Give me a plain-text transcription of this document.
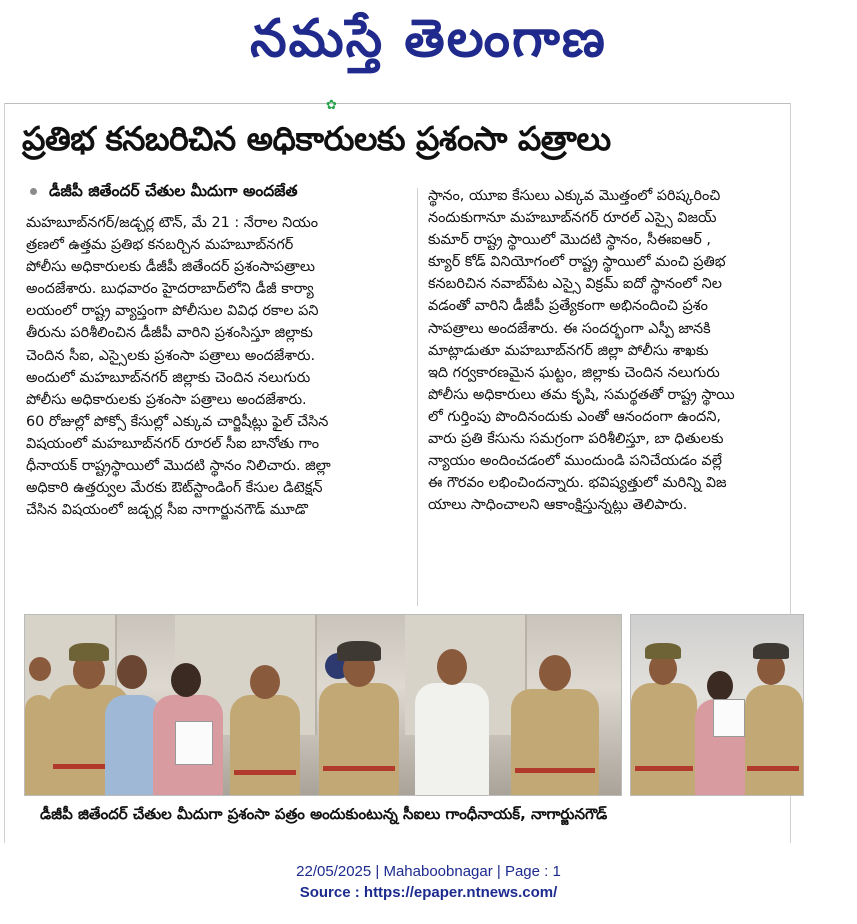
నమస్తే తెలంగాణ
✿
ప్రతిభ కనబరిచిన అధికారులకు ప్రశంసా పత్రాలు
డీజీపీ జితేందర్ చేతుల మీదుగా అందజేత
మహబూబ్‌నగర్/జడ్చర్ల టౌన్, మే 21 : నేరాల నియం
త్రణలో ఉత్తమ ప్రతిభ కనబర్చిన మహబూబ్‌నగర్
పోలీసు అధికారులకు డీజీపీ జితేందర్ ప్రశంసాపత్రాలు
అందజేశారు. బుధవారం హైదరాబాద్‌లోని డీజీ కార్యా
లయంలో రాష్ట్ర వ్యాప్తంగా పోలీసుల వివిధ రకాల పని
తీరును పరిశీలించిన డీజీపీ వారిని ప్రశంసిస్తూ జిల్లాకు
చెందిన సీఐ, ఎస్సైలకు ప్రశంసా పత్రాలు అందజేశారు.
అందులో మహబూబ్‌నగర్ జిల్లాకు చెందిన నలుగురు
పోలీసు అధికారులకు ప్రశంసా పత్రాలు అందజేశారు.
60 రోజుల్లో పోక్సో కేసుల్లో ఎక్కువ చార్జిషీట్లు ఫైల్ చేసిన
విషయంలో మహబూబ్‌నగర్ రూరల్ సీఐ బానోతు గాం
ధీనాయక్ రాష్ట్రస్థాయిలో మొదటి స్థానం నిలిచారు. జిల్లా
అధికారి ఉత్తర్వుల మేరకు ఔట్‌స్టాండింగ్ కేసుల డిటెక్షన్
చేసిన విషయంలో జడ్చర్ల సీఐ నాగార్జునగౌడ్ మూడొ
స్థానం, యూఐ కేసులు ఎక్కువ మొత్తంలో పరిష్కరించి
నందుకుగానూ మహబూబ్‌నగర్ రూరల్ ఎస్సై విజయ్
కుమార్ రాష్ట్ర స్థాయిలో మొదటి స్థానం, సీఈఐఆర్ ,
క్యూర్ కోడ్ వినియోగంలో రాష్ట్ర స్థాయిలో మంచి ప్రతిభ
కనబరిచిన నవాబ్‌పేట ఎస్సై విక్రమ్ ఐదో స్థానంలో నిల
వడంతో వారిని డీజీపీ ప్రత్యేకంగా అభినందించి ప్రశం
సాపత్రాలు అందజేశారు. ఈ సందర్భంగా ఎస్పీ జానకి
మాట్లాడుతూ మహబూబ్‌నగర్ జిల్లా పోలీసు శాఖకు
ఇది గర్వకారణమైన ఘట్టం, జిల్లాకు చెందిన నలుగురు
పోలీసు అధికారులు తమ కృషి, సమర్థతతో రాష్ట్ర స్థాయి
లో గుర్తింపు పొందినందుకు ఎంతో ఆనందంగా ఉందని,
వారు ప్రతి కేసును సమగ్రంగా పరిశీలిస్తూ, బా ధితులకు
న్యాయం అందించడంలో ముందుండి పనిచేయడం వల్లే
ఈ గౌరవం లభించిందన్నారు. భవిష్యత్తులో మరిన్ని విజ
యాలు సాధించాలని ఆకాంక్షిస్తున్నట్లు తెలిపారు.
డీజీపీ జితేందర్ చేతుల మీదుగా ప్రశంసా పత్రం అందుకుంటున్న సీఐలు గాంధీనాయక్, నాగార్జునగౌడ్
22/05/2025 | Mahaboobnagar | Page : 1
Source : https://epaper.ntnews.com/
